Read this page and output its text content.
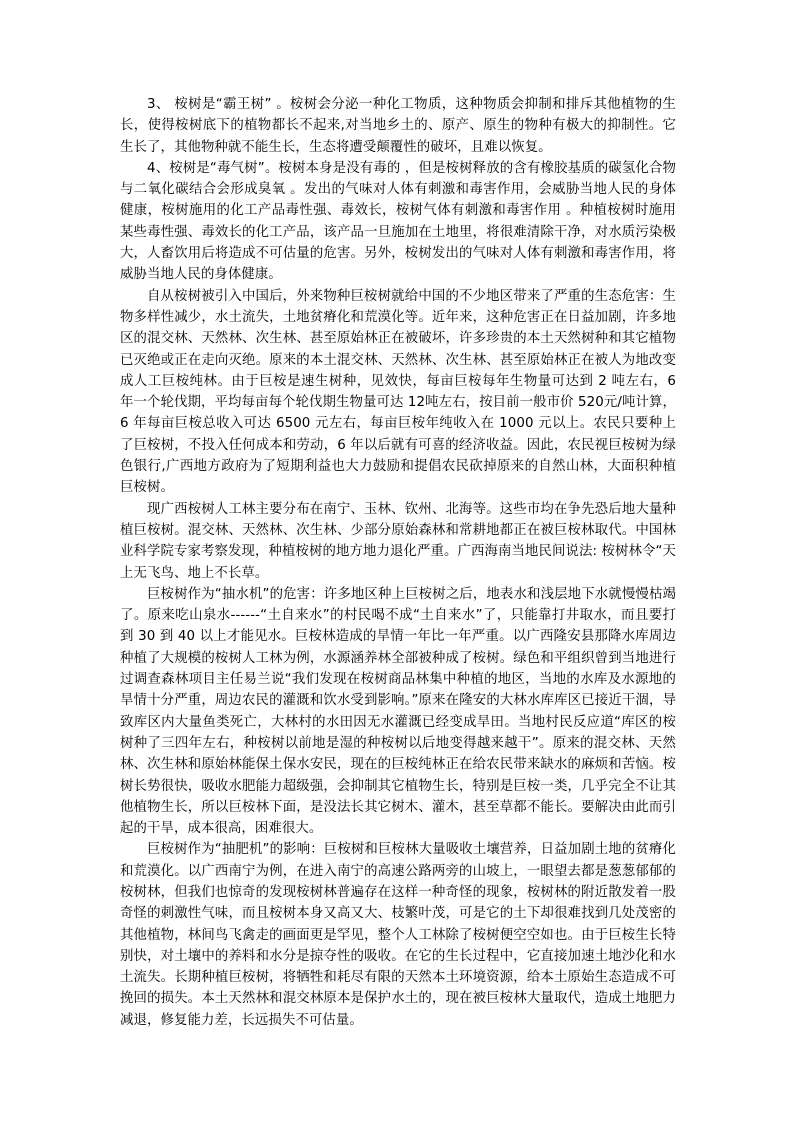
3、 桉树是“霸王树” 。桉树会分泌一种化工物质，这种物质会抑制和排斥其他植物的生长，使得桉树底下的植物都长不起来,对当地乡土的、原产、原生的物种有极大的抑制性。它生长了，其他物种就不能生长，生态将遭受颠覆性的破坏，且难以恢复。

4、桉树是“毒气树”。桉树本身是没有毒的 ，但是桉树释放的含有橡胶基质的碳氢化合物与二氧化碳结合会形成臭氧 。发出的气味对人体有刺激和毒害作用，会威胁当地人民的身体健康，桉树施用的化工产品毒性强、毒效长，桉树气体有刺激和毒害作用 。种植桉树时施用某些毒性强、毒效长的化工产品，该产品一旦施加在土地里，将很难清除干净，对水质污染极大，人畜饮用后将造成不可估量的危害。另外，桉树发出的气味对人体有刺激和毒害作用，将威胁当地人民的身体健康。

自从桉树被引入中国后，外来物种巨桉树就给中国的不少地区带来了严重的生态危害：生物多样性减少，水土流失，土地贫瘠化和荒漠化等。近年来，这种危害正在日益加剧，许多地区的混交林、天然林、次生林、甚至原始林正在被破坏，许多珍贵的本土天然树种和其它植物已灭绝或正在走向灭绝。原来的本土混交林、天然林、次生林、甚至原始林正在被人为地改变成人工巨桉纯林。由于巨桉是速生树种，见效快，每亩巨桉每年生物量可达到 2 吨左右，6 年一个轮伐期，平均每亩每个轮伐期生物量可达 12吨左右，按目前一般市价 520元/吨计算，6 年每亩巨桉总收入可达 6500 元左右，每亩巨桉年纯收入在 1000 元以上。农民只要种上了巨桉树，不投入任何成本和劳动，6 年以后就有可喜的经济收益。因此，农民视巨桉树为绿色银行,广西地方政府为了短期利益也大力鼓励和提倡农民砍掉原来的自然山林，大面积种植巨桉树。

现广西桉树人工林主要分布在南宁、玉林、钦州、北海等。这些市均在争先恐后地大量种植巨桉树。混交林、天然林、次生林、少部分原始森林和常耕地都正在被巨桉林取代。中国林业科学院专家考察发现，种植桉树的地方地力退化严重。广西海南当地民间说法: 桉树林令“天上无飞鸟、地上不长草。

巨桉树作为“抽水机”的危害：许多地区种上巨桉树之后，地表水和浅层地下水就慢慢枯竭了。原来吃山泉水------“土自来水”的村民喝不成“土自来水”了，只能靠打井取水，而且要打到 30 到 40 以上才能见水。巨桉林造成的旱情一年比一年严重。以广西隆安县那降水库周边种植了大规模的桉树人工林为例，水源涵养林全部被种成了桉树。绿色和平组织曾到当地进行过调查森林项目主任易兰说“我们发现在桉树商品林集中种植的地区，当地的水库及水源地的旱情十分严重，周边农民的灌溉和饮水受到影响。”原来在隆安的大林水库库区已接近干涸，导致库区内大量鱼类死亡，大林村的水田因无水灌溉已经变成旱田。当地村民反应道“库区的桉树种了三四年左右，种桉树以前地是湿的种桉树以后地变得越来越干”。原来的混交林、天然林、次生林和原始林能保土保水安民，现在的巨桉纯林正在给农民带来缺水的麻烦和苦恼。桉树长势很快，吸收水肥能力超级强，会抑制其它植物生长，特别是巨桉一类，几乎完全不让其他植物生长，所以巨桉林下面，是没法长其它树木、灌木，甚至草都不能长。要解决由此而引起的干旱，成本很高，困难很大。

巨桉树作为“抽肥机”的影响：巨桉树和巨桉林大量吸收土壤营养，日益加剧土地的贫瘠化和荒漠化。以广西南宁为例，在进入南宁的高速公路两旁的山坡上，一眼望去都是葱葱郁郁的桉树林，但我们也惊奇的发现桉树林普遍存在这样一种奇怪的现象，桉树林的附近散发着一股奇怪的刺激性气味，而且桉树本身又高又大、枝繁叶茂，可是它的土下却很难找到几处茂密的其他植物，林间鸟飞禽走的画面更是罕见，整个人工林除了桉树便空空如也。由于巨桉生长特别快，对土壤中的养料和水分是掠夺性的吸收。在它的生长过程中，它直接加速土地沙化和水土流失。长期种植巨桉树，将牺牲和耗尽有限的天然本土环境资源，给本土原始生态造成不可挽回的损失。本土天然林和混交林原本是保护水土的，现在被巨桉林大量取代，造成土地肥力减退，修复能力差，长远损失不可估量。
